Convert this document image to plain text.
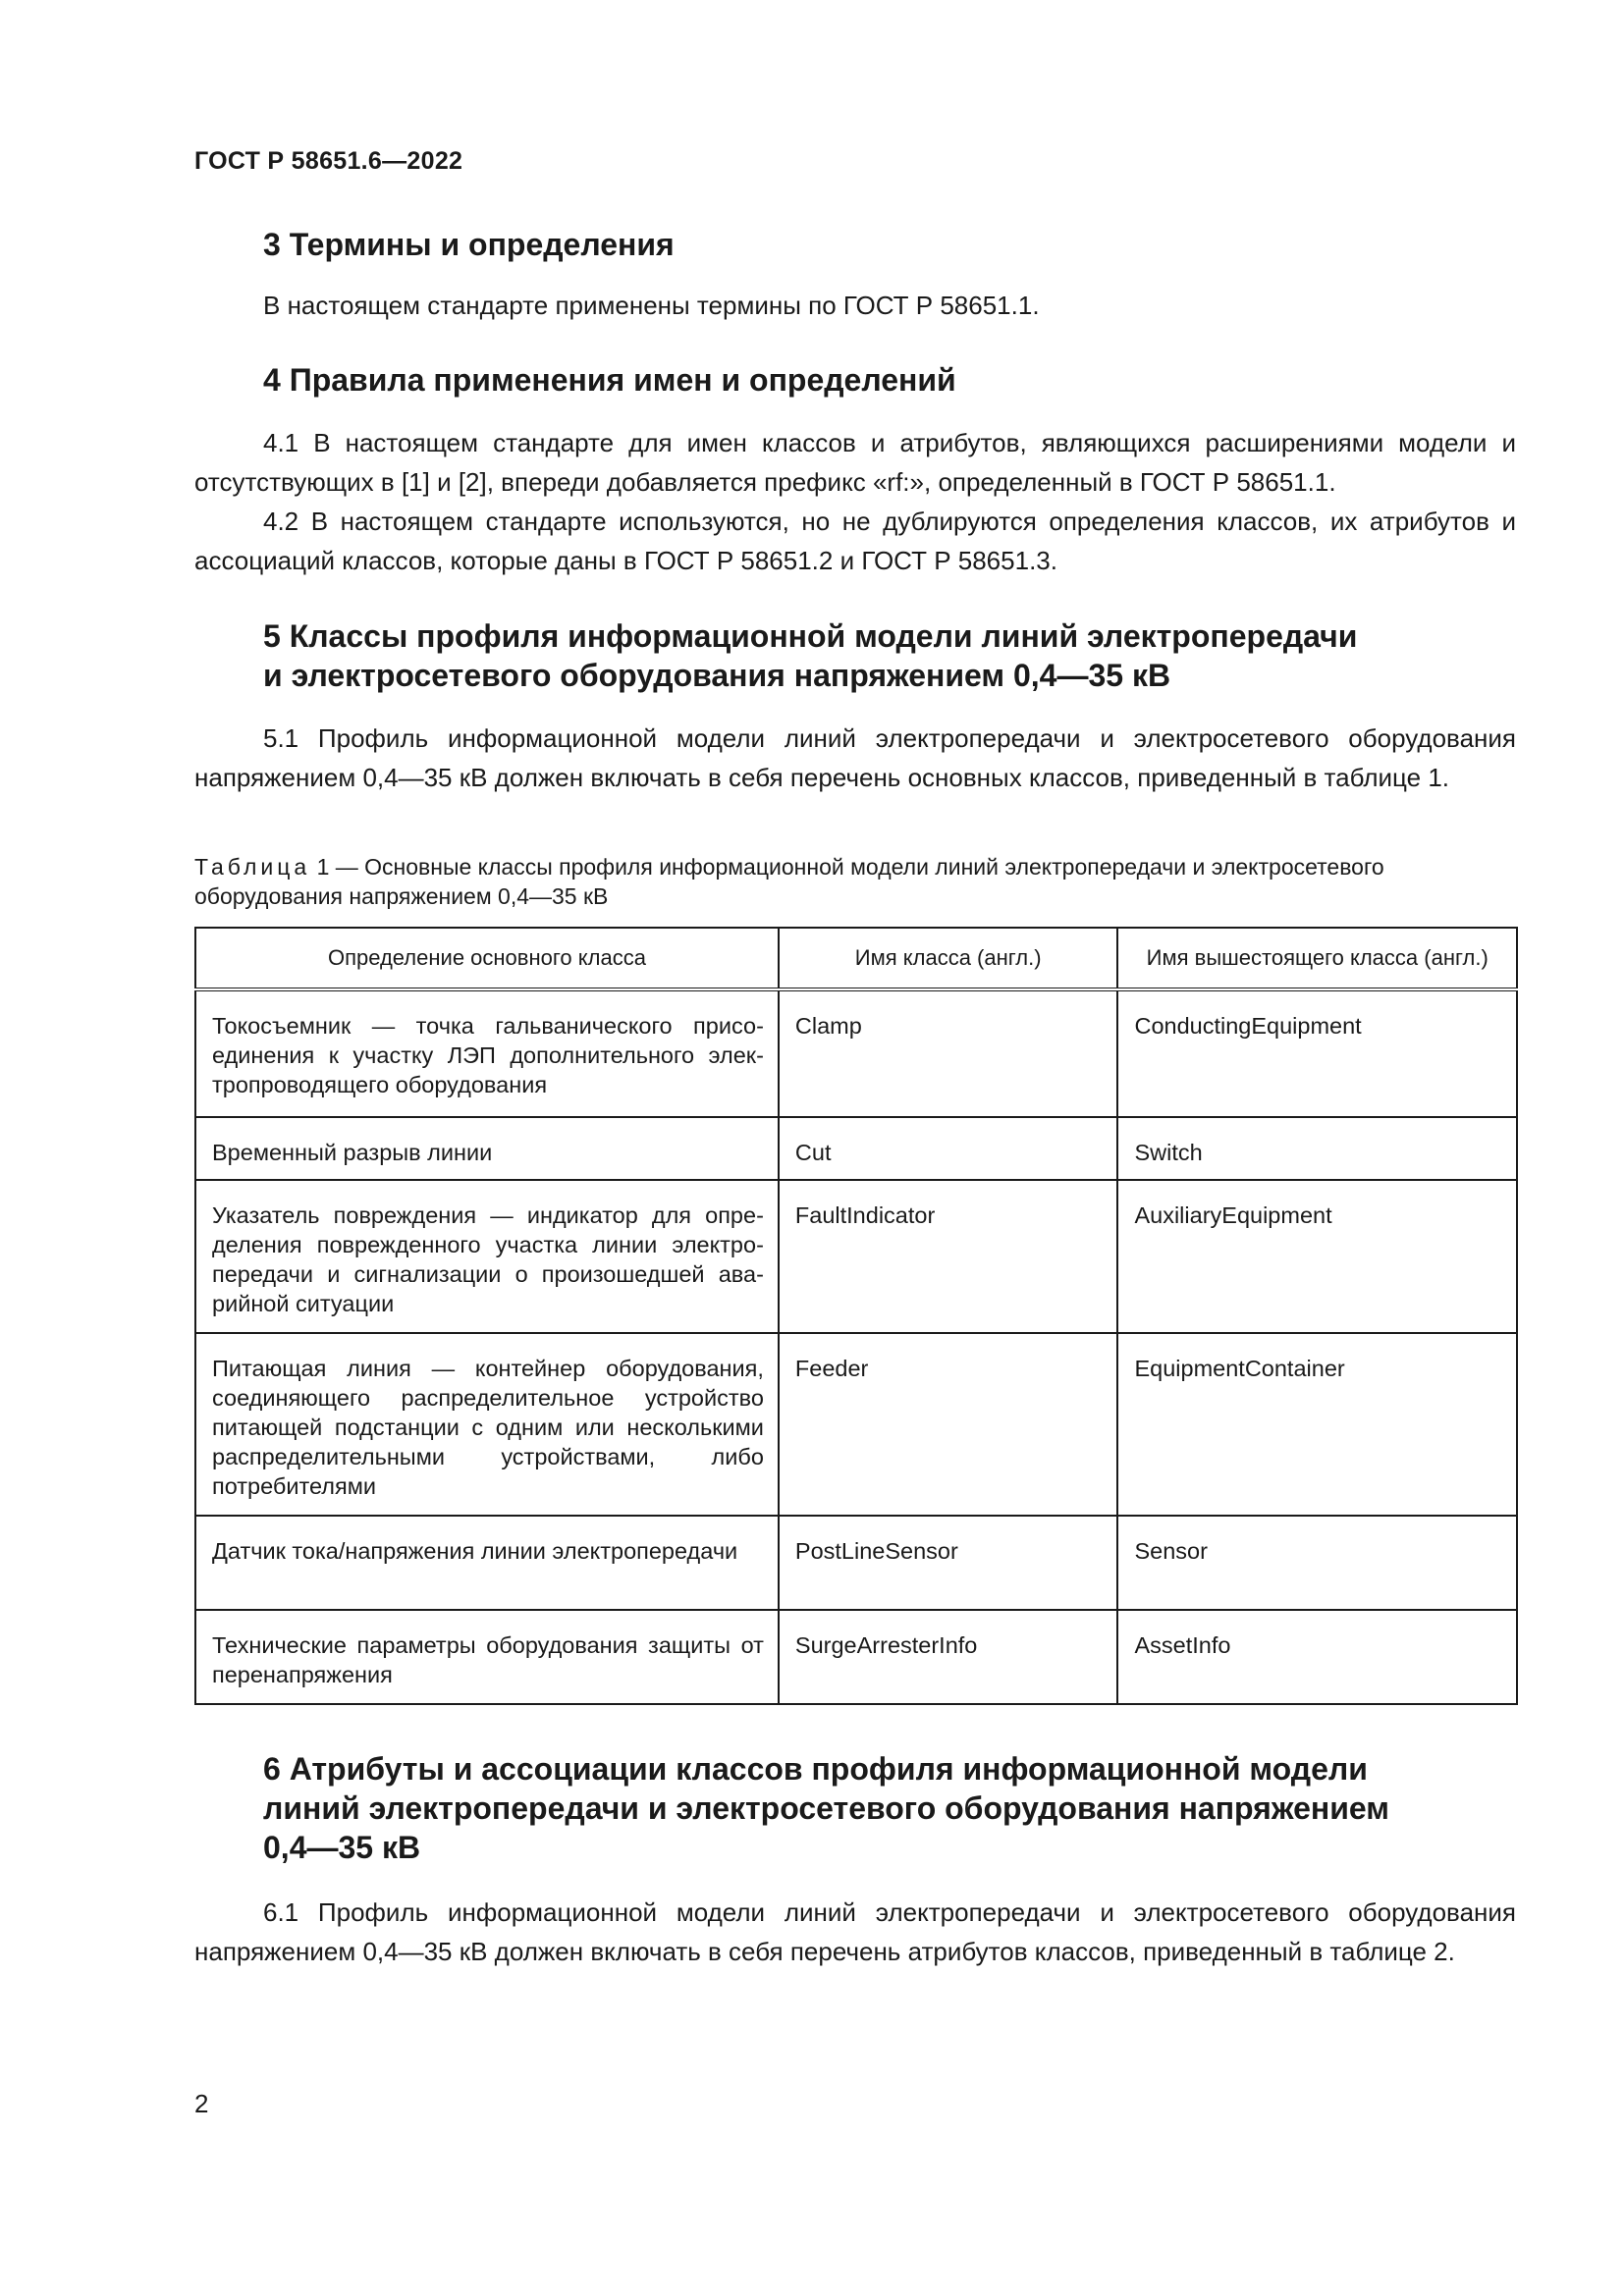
ГОСТ Р 58651.6—2022
3 Термины и определения

В настоящем стандарте применены термины по ГОСТ Р 58651.1.

4 Правила применения имен и определений

4.1 В настоящем стандарте для имен классов и атрибутов, являющихся расширениями модели и отсутствующих в [1] и [2], впереди добавляется префикс «rf:», определенный в ГОСТ Р 58651.1.

4.2 В настоящем стандарте используются, но не дублируются определения классов, их атрибутов и ассоциаций классов, которые даны в ГОСТ Р 58651.2 и ГОСТ Р 58651.3.

5 Классы профиля информационной модели линий электропередачи
и электросетевого оборудования напряжением 0,4—35 кВ

5.1 Профиль информационной модели линий электропередачи и электросетевого оборудования напряжением 0,4—35 кВ должен включать в себя перечень основных классов, приведенный в таблице 1.

Таблица 1 — Основные классы профиля информационной модели линий электропередачи и электросетевого оборудования напряжением 0,4—35 кВ

Определение основного класса	Имя класса (англ.)	Имя вышестоящего класса (англ.)
Токосъемник — точка гальванического присоединения к участку ЛЭП дополнительного электропроводящего оборудования	Clamp	ConductingEquipment
Временный разрыв линии	Cut	Switch
Указатель повреждения — индикатор для определения поврежденного участка линии электропередачи и сигнализации о произошедшей аварийной ситуации	FaultIndicator	AuxiliaryEquipment
Питающая линия — контейнер оборудования, соединяющего распределительное устройство питающей подстанции с одним или несколькими распределительными устройствами, либо потребителями	Feeder	EquipmentContainer
Датчик тока/напряжения линии электропередачи	PostLineSensor	Sensor
Технические параметры оборудования защиты от перенапряжения	SurgeArresterInfo	AssetInfo
6 Атрибуты и ассоциации классов профиля информационной модели
линий электропередачи и электросетевого оборудования напряжением
0,4—35 кВ

6.1 Профиль информационной модели линий электропередачи и электросетевого оборудования напряжением 0,4—35 кВ должен включать в себя перечень атрибутов классов, приведенный в таблице 2.

2
